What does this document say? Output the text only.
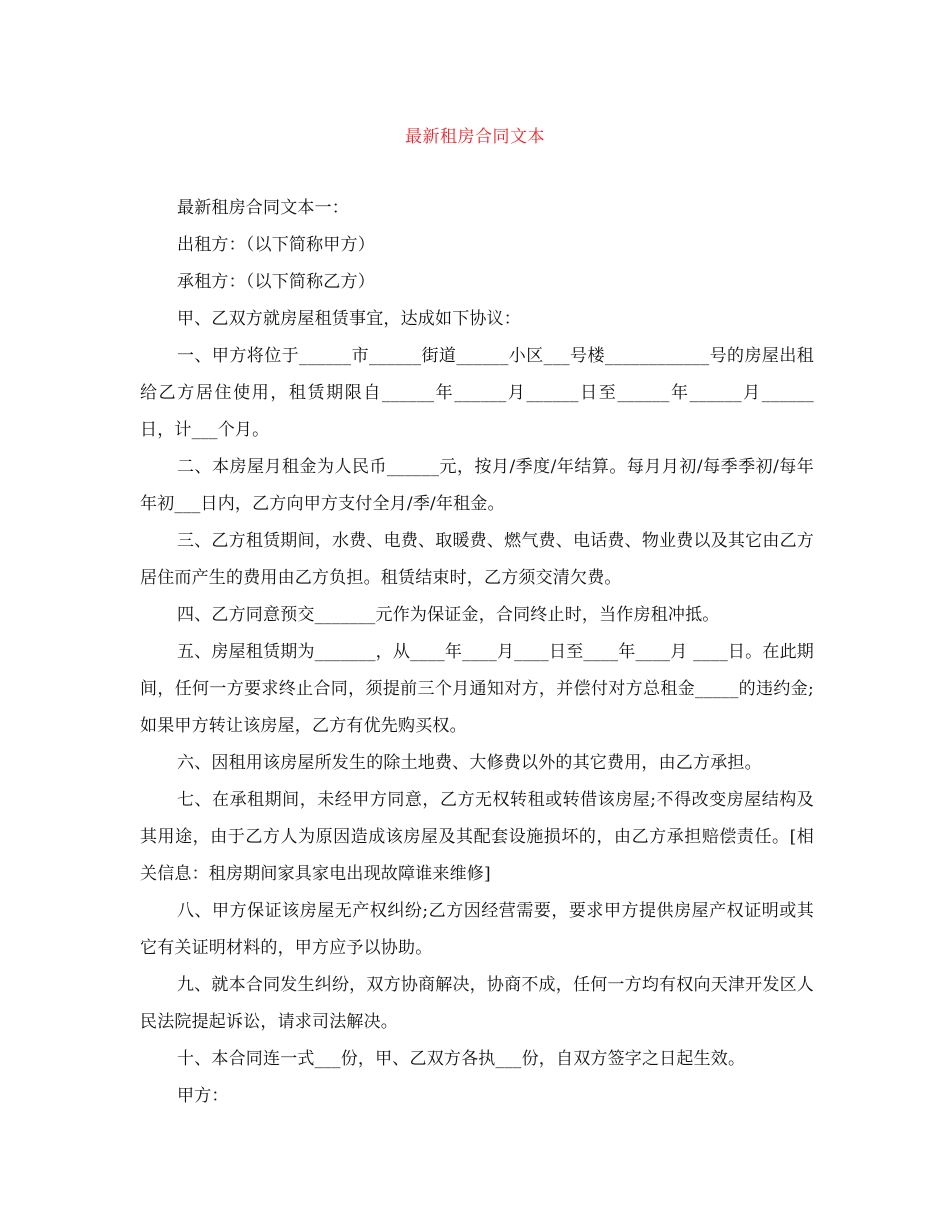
最新租房合同文本

最新租房合同文本一：

出租方：（以下简称甲方）

承租方：（以下简称乙方）

甲、乙双方就房屋租赁事宜，达成如下协议：

一、甲方将位于______市______街道______小区___号楼____________号的房屋出租给乙方居住使用，租赁期限自______年______月______日至______年______月______日，计___个月。

二、本房屋月租金为人民币______元，按月/季度/年结算。每月月初/每季季初/每年年初___日内，乙方向甲方支付全月/季/年租金。

三、乙方租赁期间，水费、电费、取暖费、燃气费、电话费、物业费以及其它由乙方居住而产生的费用由乙方负担。租赁结束时，乙方须交清欠费。

四、乙方同意预交_______元作为保证金，合同终止时，当作房租冲抵。

五、房屋租赁期为_______，从____年____月____日至____年____月 ____日。在此期间，任何一方要求终止合同，须提前三个月通知对方，并偿付对方总租金_____的违约金;如果甲方转让该房屋，乙方有优先购买权。

六、因租用该房屋所发生的除土地费、大修费以外的其它费用，由乙方承担。

七、在承租期间，未经甲方同意，乙方无权转租或转借该房屋;不得改变房屋结构及其用途，由于乙方人为原因造成该房屋及其配套设施损坏的，由乙方承担赔偿责任。[相关信息：租房期间家具家电出现故障谁来维修]

八、甲方保证该房屋无产权纠纷;乙方因经营需要，要求甲方提供房屋产权证明或其它有关证明材料的，甲方应予以协助。

九、就本合同发生纠纷，双方协商解决，协商不成，任何一方均有权向天津开发区人民法院提起诉讼，请求司法解决。

十、本合同连一式___份，甲、乙双方各执___份，自双方签字之日起生效。

甲方：
